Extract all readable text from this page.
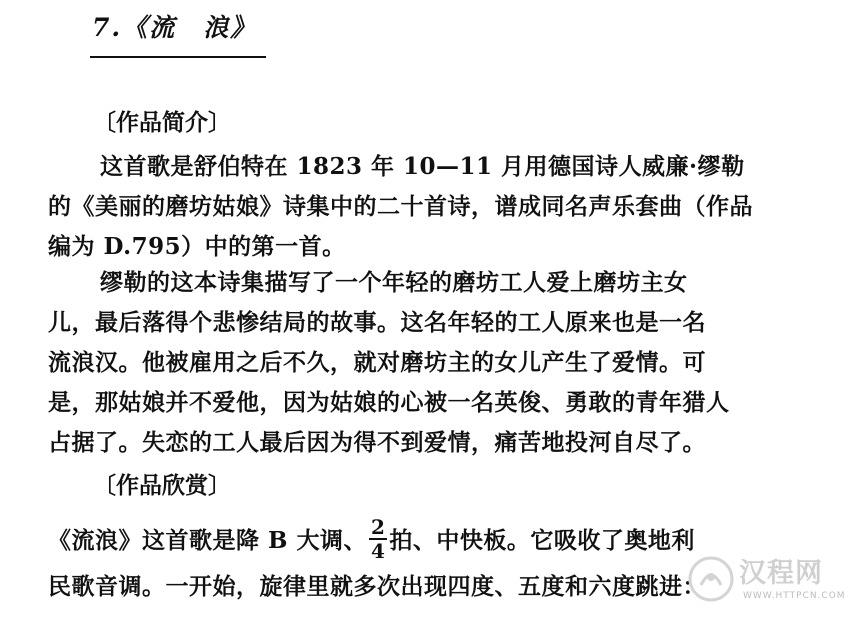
7.《流　浪》
〔作品简介〕
这首歌是舒伯特在 1823 年 10—11 月用德国诗人威廉·缪勒
的《美丽的磨坊姑娘》诗集中的二十首诗，谱成同名声乐套曲（作品
编为 D.795）中的第一首。
缪勒的这本诗集描写了一个年轻的磨坊工人爱上磨坊主女
儿，最后落得个悲惨结局的故事。这名年轻的工人原来也是一名
流浪汉。他被雇用之后不久，就对磨坊主的女儿产生了爱情。可
是，那姑娘并不爱他，因为姑娘的心被一名英俊、勇敢的青年猎人
占据了。失恋的工人最后因为得不到爱情，痛苦地投河自尽了。
〔作品欣赏〕
《流浪》这首歌是降 B 大调、 $\frac{2}{4}$ 拍、中快板。它吸收了奥地利
民歌音调。一开始，旋律里就多次出现四度、五度和六度跳进： 汉程网
WWW.HTTPCN.COM
